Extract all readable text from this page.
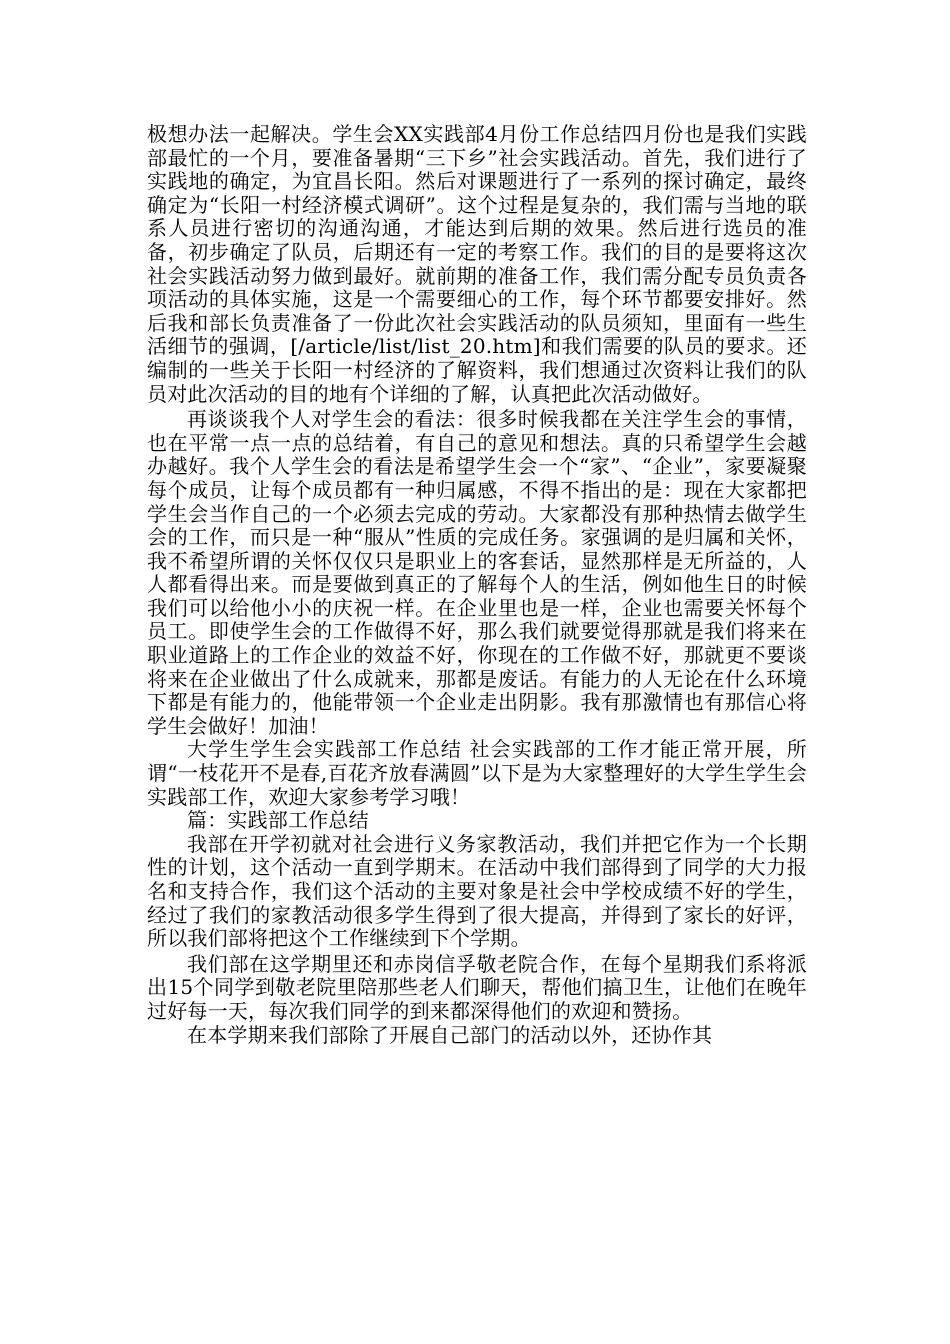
极想办法一起解决。学生会XX实践部4月份工作总结四月份也是我们实践部最忙的一个月，要准备暑期“三下乡”社会实践活动。首先，我们进行了实践地的确定，为宜昌长阳。然后对课题进行了一系列的探讨确定，最终确定为“长阳一村经济模式调研”。这个过程是复杂的，我们需与当地的联系人员进行密切的沟通沟通，才能达到后期的效果。然后进行选员的准备，初步确定了队员，后期还有一定的考察工作。我们的目的是要将这次社会实践活动努力做到最好。就前期的准备工作，我们需分配专员负责各项活动的具体实施，这是一个需要细心的工作，每个环节都要安排好。然后我和部长负责准备了一份此次社会实践活动的队员须知，里面有一些生活细节的强调，[/article/list/list_20.htm]和我们需要的队员的要求。还编制的一些关于长阳一村经济的了解资料，我们想通过次资料让我们的队员对此次活动的目的地有个详细的了解，认真把此次活动做好。

再谈谈我个人对学生会的看法：很多时候我都在关注学生会的事情，也在平常一点一点的总结着，有自己的意见和想法。真的只希望学生会越办越好。我个人学生会的看法是希望学生会一个“家”、“企业”，家要凝聚每个成员，让每个成员都有一种归属感，不得不指出的是：现在大家都把学生会当作自己的一个必须去完成的劳动。大家都没有那种热情去做学生会的工作，而只是一种“服从”性质的完成任务。家强调的是归属和关怀，我不希望所谓的关怀仅仅只是职业上的客套话，显然那样是无所益的，人人都看得出来。而是要做到真正的了解每个人的生活，例如他生日的时候我们可以给他小小的庆祝一样。在企业里也是一样，企业也需要关怀每个员工。即使学生会的工作做得不好，那么我们就要觉得那就是我们将来在职业道路上的工作企业的效益不好，你现在的工作做不好，那就更不要谈将来在企业做出了什么成就来，那都是废话。有能力的人无论在什么环境下都是有能力的，他能带领一个企业走出阴影。我有那激情也有那信心将学生会做好！加油！

大学生学生会实践部工作总结 社会实践部的工作才能正常开展，所谓“一枝花开不是春,百花齐放春满圆”以下是为大家整理好的大学生学生会实践部工作，欢迎大家参考学习哦！

篇：实践部工作总结

我部在开学初就对社会进行义务家教活动，我们并把它作为一个长期性的计划，这个活动一直到学期末。在活动中我们部得到了同学的大力报名和支持合作，我们这个活动的主要对象是社会中学校成绩不好的学生，经过了我们的家教活动很多学生得到了很大提高，并得到了家长的好评，所以我们部将把这个工作继续到下个学期。

我们部在这学期里还和赤岗信孚敬老院合作，在每个星期我们系将派出15个同学到敬老院里陪那些老人们聊天，帮他们搞卫生，让他们在晚年过好每一天，每次我们同学的到来都深得他们的欢迎和赞扬。

在本学期来我们部除了开展自己部门的活动以外，还协作其
